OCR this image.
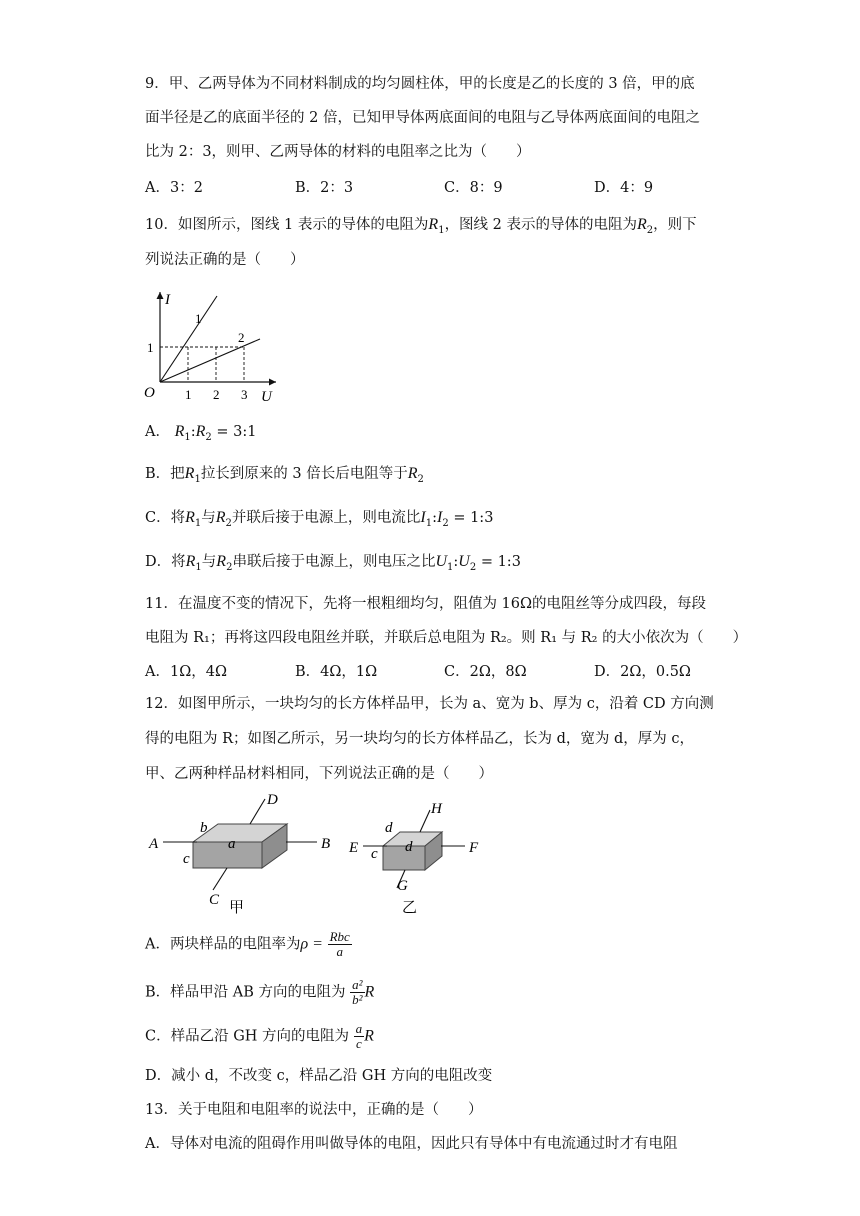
9．甲、乙两导体为不同材料制成的均匀圆柱体，甲的长度是乙的长度的 3 倍，甲的底
面半径是乙的底面半径的 2 倍，已知甲导体两底面间的电阻与乙导体两底面间的电阻之
比为 2：3，则甲、乙两导体的材料的电阻率之比为（　　）
A．3：2	B．2：3	C．8：9	D．4：9
10．如图所示，图线 1 表示的导体的电阻为$R_1$，图线 2 表示的导体的电阻为$R_2$，则下
列说法正确的是（　　）
I
U
O
1
2
1
1 2 3
A． $R_1:R_2$ = 3:1
B．把$R_1$拉长到原来的 3 倍长后电阻等于$R_2$
C．将$R_1$与$R_2$并联后接于电源上，则电流比$I_1:I_2$ = 1:3
D．将$R_1$与$R_2$串联后接于电源上，则电压之比$U_1:U_2$ = 1:3
11．在温度不变的情况下，先将一根粗细均匀，阻值为 16Ω的电阻丝等分成四段，每段
电阻为 R₁；再将这四段电阻丝并联，并联后总电阻为 R₂。则 R₁ 与 R₂ 的大小依次为（　　）
A．1Ω，4Ω	B．4Ω，1Ω	C．2Ω，8Ω	D．2Ω，0.5Ω
12．如图甲所示，一块均匀的长方体样品甲，长为 a、宽为 b、厚为 c，沿着 CD 方向测
得的电阻为 R；如图乙所示，另一块均匀的长方体样品乙，长为 d，宽为 d，厚为 c，
甲、乙两种样品材料相同，下列说法正确的是（　　）
A	B
C
D
a
b
c
甲
E	F
G
H
d
d
c
乙
A．两块样品的电阻率为$\rho = \frac{\text{Rbc}}{a}$
B．样品甲沿 AB 方向的电阻为 $\frac{\text{a²}}{\text{b²}}$ R
C．样品乙沿 GH 方向的电阻为 $\frac{a}{c}$ R
D．减小 d，不改变 c，样品乙沿 GH 方向的电阻改变
13．关于电阻和电阻率的说法中，正确的是（　　）
A．导体对电流的阻碍作用叫做导体的电阻，因此只有导体中有电流通过时才有电阻
